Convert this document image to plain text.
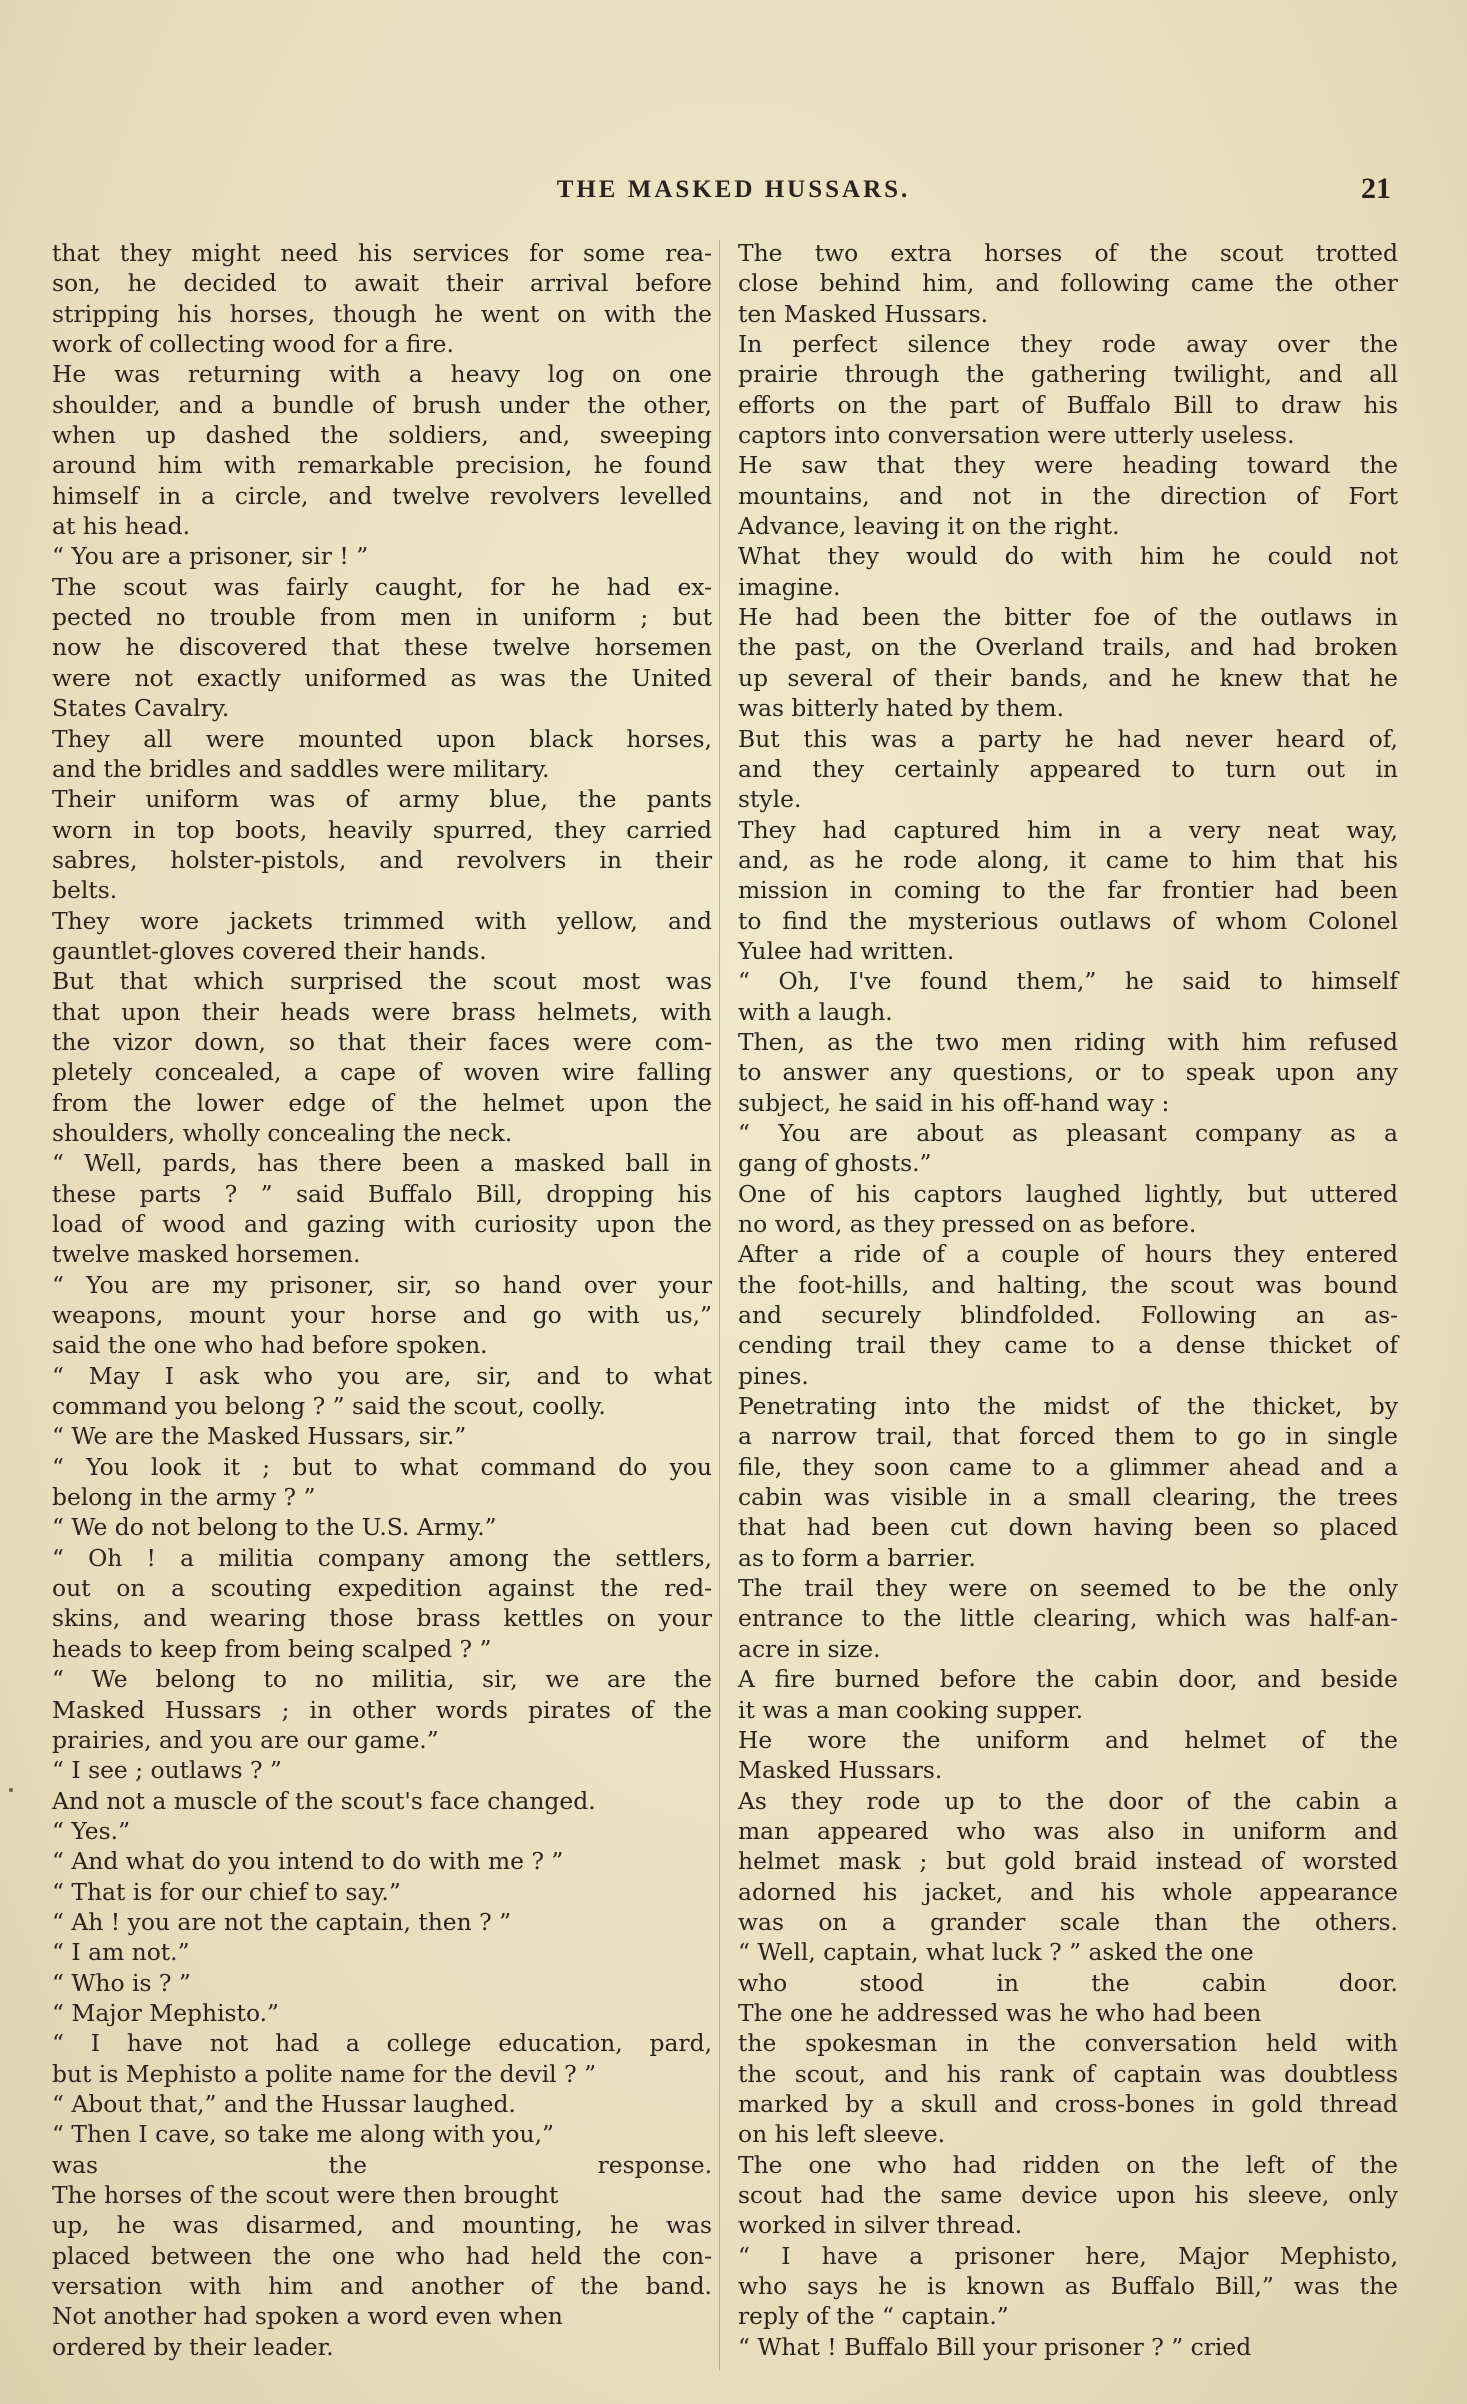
THE MASKED HUSSARS.	21
that they might need his services for some rea-
son, he decided to await their arrival before
stripping his horses, though he went on with the
work of collecting wood for a fire.
He was returning with a heavy log on one
shoulder, and a bundle of brush under the other,
when up dashed the soldiers, and, sweeping
around him with remarkable precision, he found
himself in a circle, and twelve revolvers levelled
at his head.
“ You are a prisoner, sir ! ”
The scout was fairly caught, for he had ex-
pected no trouble from men in uniform ; but
now he discovered that these twelve horsemen
were not exactly uniformed as was the United
States Cavalry.
They all were mounted upon black horses,
and the bridles and saddles were military.
Their uniform was of army blue, the pants
worn in top boots, heavily spurred, they carried
sabres, holster-pistols, and revolvers in their
belts.
They wore jackets trimmed with yellow, and
gauntlet-gloves covered their hands.
But that which surprised the scout most was
that upon their heads were brass helmets, with
the vizor down, so that their faces were com-
pletely concealed, a cape of woven wire falling
from the lower edge of the helmet upon the
shoulders, wholly concealing the neck.
“ Well, pards, has there been a masked ball in
these parts ? ” said Buffalo Bill, dropping his
load of wood and gazing with curiosity upon the
twelve masked horsemen.
“ You are my prisoner, sir, so hand over your
weapons, mount your horse and go with us,”
said the one who had before spoken.
“ May I ask who you are, sir, and to what
command you belong ? ” said the scout, coolly.
“ We are the Masked Hussars, sir.”
“ You look it ; but to what command do you
belong in the army ? ”
“ We do not belong to the U.S. Army.”
“ Oh ! a militia company among the settlers,
out on a scouting expedition against the red-
skins, and wearing those brass kettles on your
heads to keep from being scalped ? ”
“ We belong to no militia, sir, we are the
Masked Hussars ; in other words pirates of the
prairies, and you are our game.”
“ I see ; outlaws ? ”
And not a muscle of the scout's face changed.
“ Yes.”
“ And what do you intend to do with me ? ”
“ That is for our chief to say.”
“ Ah ! you are not the captain, then ? ”
“ I am not.”
“ Who is ? ”
“ Major Mephisto.”
“ I have not had a college education, pard,
but is Mephisto a polite name for the devil ? ”
“ About that,” and the Hussar laughed.
“ Then I cave, so take me along with you,”
was the response.
The horses of the scout were then brought
up, he was disarmed, and mounting, he was
placed between the one who had held the con-
versation with him and another of the band.
Not another had spoken a word even when
ordered by their leader.
The two extra horses of the scout trotted
close behind him, and following came the other
ten Masked Hussars.
In perfect silence they rode away over the
prairie through the gathering twilight, and all
efforts on the part of Buffalo Bill to draw his
captors into conversation were utterly useless.
He saw that they were heading toward the
mountains, and not in the direction of Fort
Advance, leaving it on the right.
What they would do with him he could not
imagine.
He had been the bitter foe of the outlaws in
the past, on the Overland trails, and had broken
up several of their bands, and he knew that he
was bitterly hated by them.
But this was a party he had never heard of,
and they certainly appeared to turn out in
style.
They had captured him in a very neat way,
and, as he rode along, it came to him that his
mission in coming to the far frontier had been
to find the mysterious outlaws of whom Colonel
Yulee had written.
“ Oh, I've found them,” he said to himself
with a laugh.
Then, as the two men riding with him refused
to answer any questions, or to speak upon any
subject, he said in his off-hand way :
“ You are about as pleasant company as a
gang of ghosts.”
One of his captors laughed lightly, but uttered
no word, as they pressed on as before.
After a ride of a couple of hours they entered
the foot-hills, and halting, the scout was bound
and securely blindfolded. Following an as-
cending trail they came to a dense thicket of
pines.
Penetrating into the midst of the thicket, by
a narrow trail, that forced them to go in single
file, they soon came to a glimmer ahead and a
cabin was visible in a small clearing, the trees
that had been cut down having been so placed
as to form a barrier.
The trail they were on seemed to be the only
entrance to the little clearing, which was half-an-
acre in size.
A fire burned before the cabin door, and beside
it was a man cooking supper.
He wore the uniform and helmet of the
Masked Hussars.
As they rode up to the door of the cabin a
man appeared who was also in uniform and
helmet mask ; but gold braid instead of worsted
adorned his jacket, and his whole appearance
was on a grander scale than the others.
“ Well, captain, what luck ? ” asked the one
who stood in the cabin door.
The one he addressed was he who had been
the spokesman in the conversation held with
the scout, and his rank of captain was doubtless
marked by a skull and cross-bones in gold thread
on his left sleeve.
The one who had ridden on the left of the
scout had the same device upon his sleeve, only
worked in silver thread.
“ I have a prisoner here, Major Mephisto,
who says he is known as Buffalo Bill,” was the
reply of the “ captain.”
“ What ! Buffalo Bill your prisoner ? ” cried
